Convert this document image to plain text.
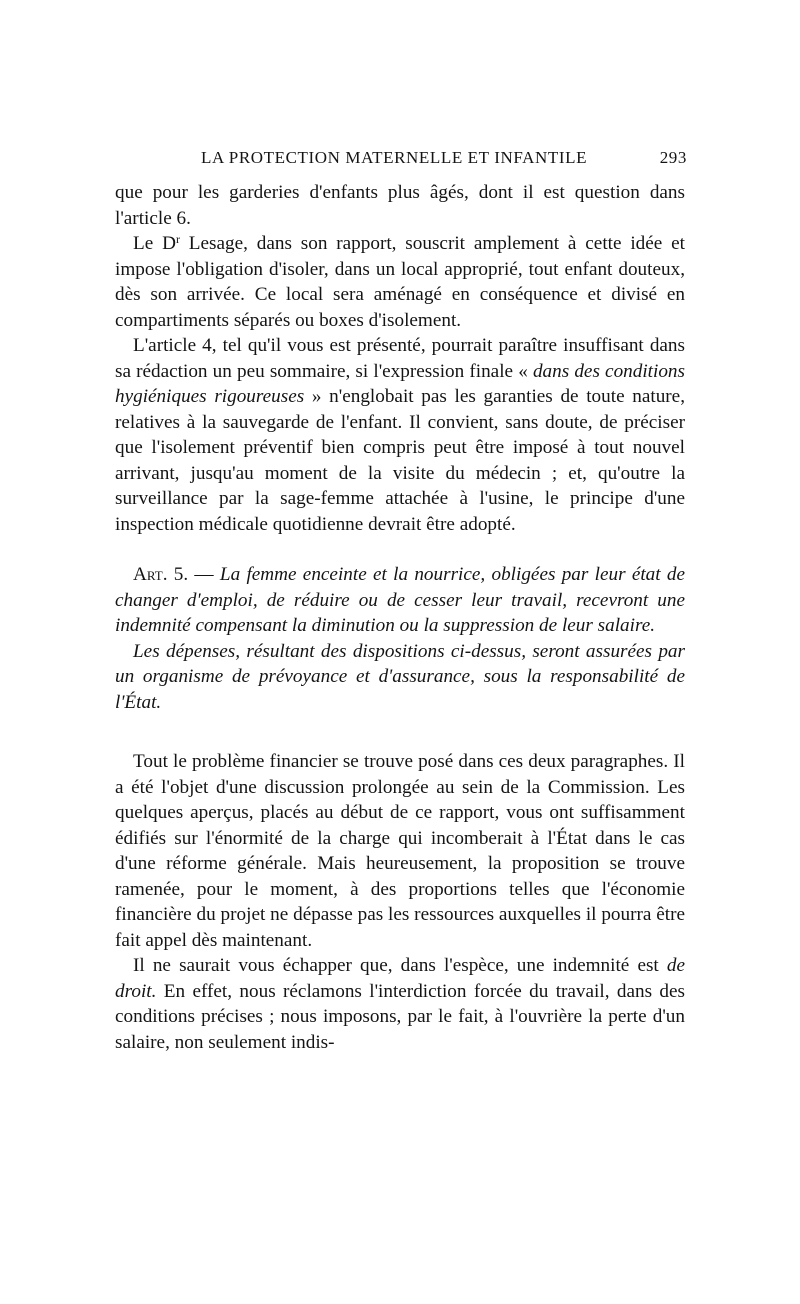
LA PROTECTION MATERNELLE ET INFANTILE	293

que pour les garderies d'enfants plus âgés, dont il est question dans l'article 6.

Le $D^r$ Lesage, dans son rapport, souscrit amplement à cette idée et impose l'obligation d'isoler, dans un local approprié, tout enfant douteux, dès son arrivée. Ce local sera aménagé en conséquence et divisé en compartiments séparés ou boxes d'isolement.

L'article 4, tel qu'il vous est présenté, pourrait paraître insuffisant dans sa rédaction un peu sommaire, si l'expression finale « dans des conditions hygiéniques rigoureuses » n'englobait pas les garanties de toute nature, relatives à la sauvegarde de l'enfant. Il convient, sans doute, de préciser que l'isolement préventif bien compris peut être imposé à tout nouvel arrivant, jusqu'au moment de la visite du médecin ; et, qu'outre la surveillance par la sage-femme attachée à l'usine, le principe d'une inspection médicale quotidienne devrait être adopté.

Art. 5. — La femme enceinte et la nourrice, obligées par leur état de changer d'emploi, de réduire ou de cesser leur travail, recevront une indemnité compensant la diminution ou la suppression de leur salaire.

Les dépenses, résultant des dispositions ci-dessus, seront assurées par un organisme de prévoyance et d'assurance, sous la responsabilité de l'État.

Tout le problème financier se trouve posé dans ces deux paragraphes. Il a été l'objet d'une discussion prolongée au sein de la Commission. Les quelques aperçus, placés au début de ce rapport, vous ont suffisamment édifiés sur l'énormité de la charge qui incomberait à l'État dans le cas d'une réforme générale. Mais heureusement, la proposition se trouve ramenée, pour le moment, à des proportions telles que l'économie financière du projet ne dépasse pas les ressources auxquelles il pourra être fait appel dès maintenant.

Il ne saurait vous échapper que, dans l'espèce, une indemnité est de droit. En effet, nous réclamons l'interdiction forcée du travail, dans des conditions précises ; nous imposons, par le fait, à l'ouvrière la perte d'un salaire, non seulement indis-
